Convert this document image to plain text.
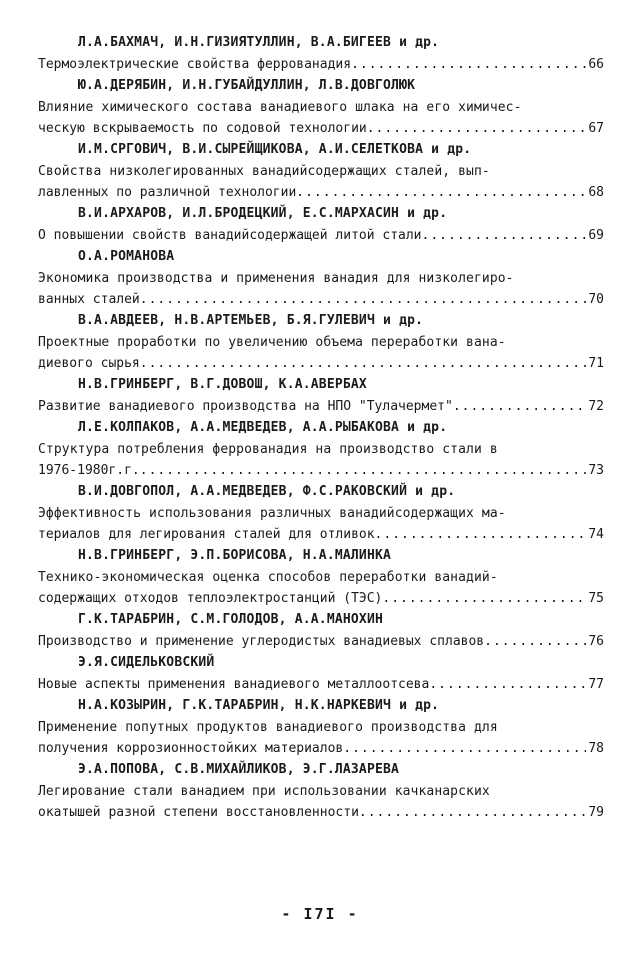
Л.А.БАХМАЧ, И.Н.ГИЗИЯТУЛЛИН, В.А.БИГЕЕВ и др.
Термоэлектрические свойства феррованадия .....	66
Ю.А.ДЕРЯБИН, И.Н.ГУБАЙДУЛЛИН, Л.В.ДОВГОЛЮК
Влияние химического состава ванадиевого шлака на его химичес-
ческую вскрываемость по содовой технологии .....	67
И.М.СРГОВИЧ, В.И.СЫРЕЙЩИКОВА, А.И.СЕЛЕТКОВА и др.
Свойства низколегированных ванадийсодержащих сталей, вып-
лавленных по различной технологии .....	68
В.И.АРХАРОВ, И.Л.БРОДЕЦКИЙ, Е.С.МАРХАСИН и др.
О повышении свойств ванадийсодержащей литой стали .....	69
О.А.РОМАНОВА
Экономика производства и применения ванадия для низколегиро-
ванных сталей .....	70
В.А.АВДЕЕВ, Н.В.АРТЕМЬЕВ, Б.Я.ГУЛЕВИЧ и др.
Проектные проработки по увеличению объема переработки вана-
диевого сырья .....	71
Н.В.ГРИНБЕРГ, В.Г.ДОВОШ, К.А.АВЕРБАХ
Развитие ванадиевого производства на НПО "Тулачермет" .....	72
Л.Е.КОЛПАКОВ, А.А.МЕДВЕДЕВ, А.А.РЫБАКОВА и др.
Структура потребления феррованадия на производство стали в
1976-1980г.г. .....	73
В.И.ДОВГОПОЛ, А.А.МЕДВЕДЕВ, Ф.С.РАКОВСКИЙ и др.
Эффективность использования различных ванадийсодержащих ма-
териалов для легирования сталей для отливок .....	74
Н.В.ГРИНБЕРГ, Э.П.БОРИСОВА, Н.А.МАЛИНКА
Технико-экономическая оценка способов переработки ванадий-
содержащих отходов теплоэлектростанций (ТЭС) .....	75
Г.К.ТАРАБРИН, С.М.ГОЛОДОВ, А.А.МАНОХИН
Производство и применение углеродистых ванадиевых сплавов .....	76
Э.Я.СИДЕЛЬКОВСКИЙ
Новые аспекты применения ванадиевого металлоотсева .....	77
Н.А.КОЗЫРИН, Г.К.ТАРАБРИН, Н.К.НАРКЕВИЧ и др.
Применение попутных продуктов ванадиевого производства для
получения коррозионностойких материалов .....	78
Э.А.ПОПОВА, С.В.МИХАЙЛИКОВ, Э.Г.ЛАЗАРЕВА
Легирование стали ванадием при использовании качканарских
окатышей разной степени восстановленности .....	79
- I7I -
